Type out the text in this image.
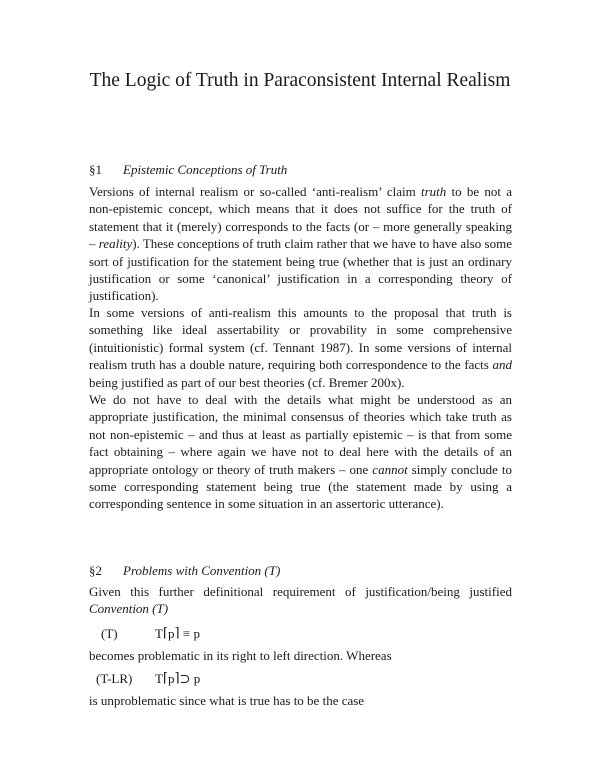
The Logic of Truth in Paraconsistent Internal Realism
§1 Epistemic Conceptions of Truth
Versions of internal realism or so-called ‘anti-realism’ claim truth to be not a non-epistemic concept, which means that it does not suffice for the truth of statement that it (merely) corresponds to the facts (or – more generally speaking – reality). These conceptions of truth claim rather that we have to have also some sort of justification for the statement being true (whether that is just an ordinary justification or some ‘canonical’ justification in a corresponding theory of justification).
In some versions of anti-realism this amounts to the proposal that truth is something like ideal assertability or provability in some comprehensive (intuitionistic) formal system (cf. Tennant 1987). In some versions of internal realism truth has a double nature, requiring both correspondence to the facts and being justified as part of our best theories (cf. Bremer 200x).
We do not have to deal with the details what might be understood as an appropriate justification, the minimal consensus of theories which take truth as not non-epistemic – and thus at least as partially epistemic – is that from some fact obtaining – where again we have not to deal here with the details of an appropriate ontology or theory of truth makers – one cannot simply conclude to some corresponding statement being true (the statement made by using a corresponding sentence in some situation in an assertoric utterance).
§2 Problems with Convention (T)
Given this further definitional requirement of justification/being justified
Convention (T)
(T)	T⌈p⌉ ≡ p
becomes problematic in its right to left direction. Whereas
(T-LR) T⌈p⌉⊃ p
is unproblematic since what is true has to be the case
